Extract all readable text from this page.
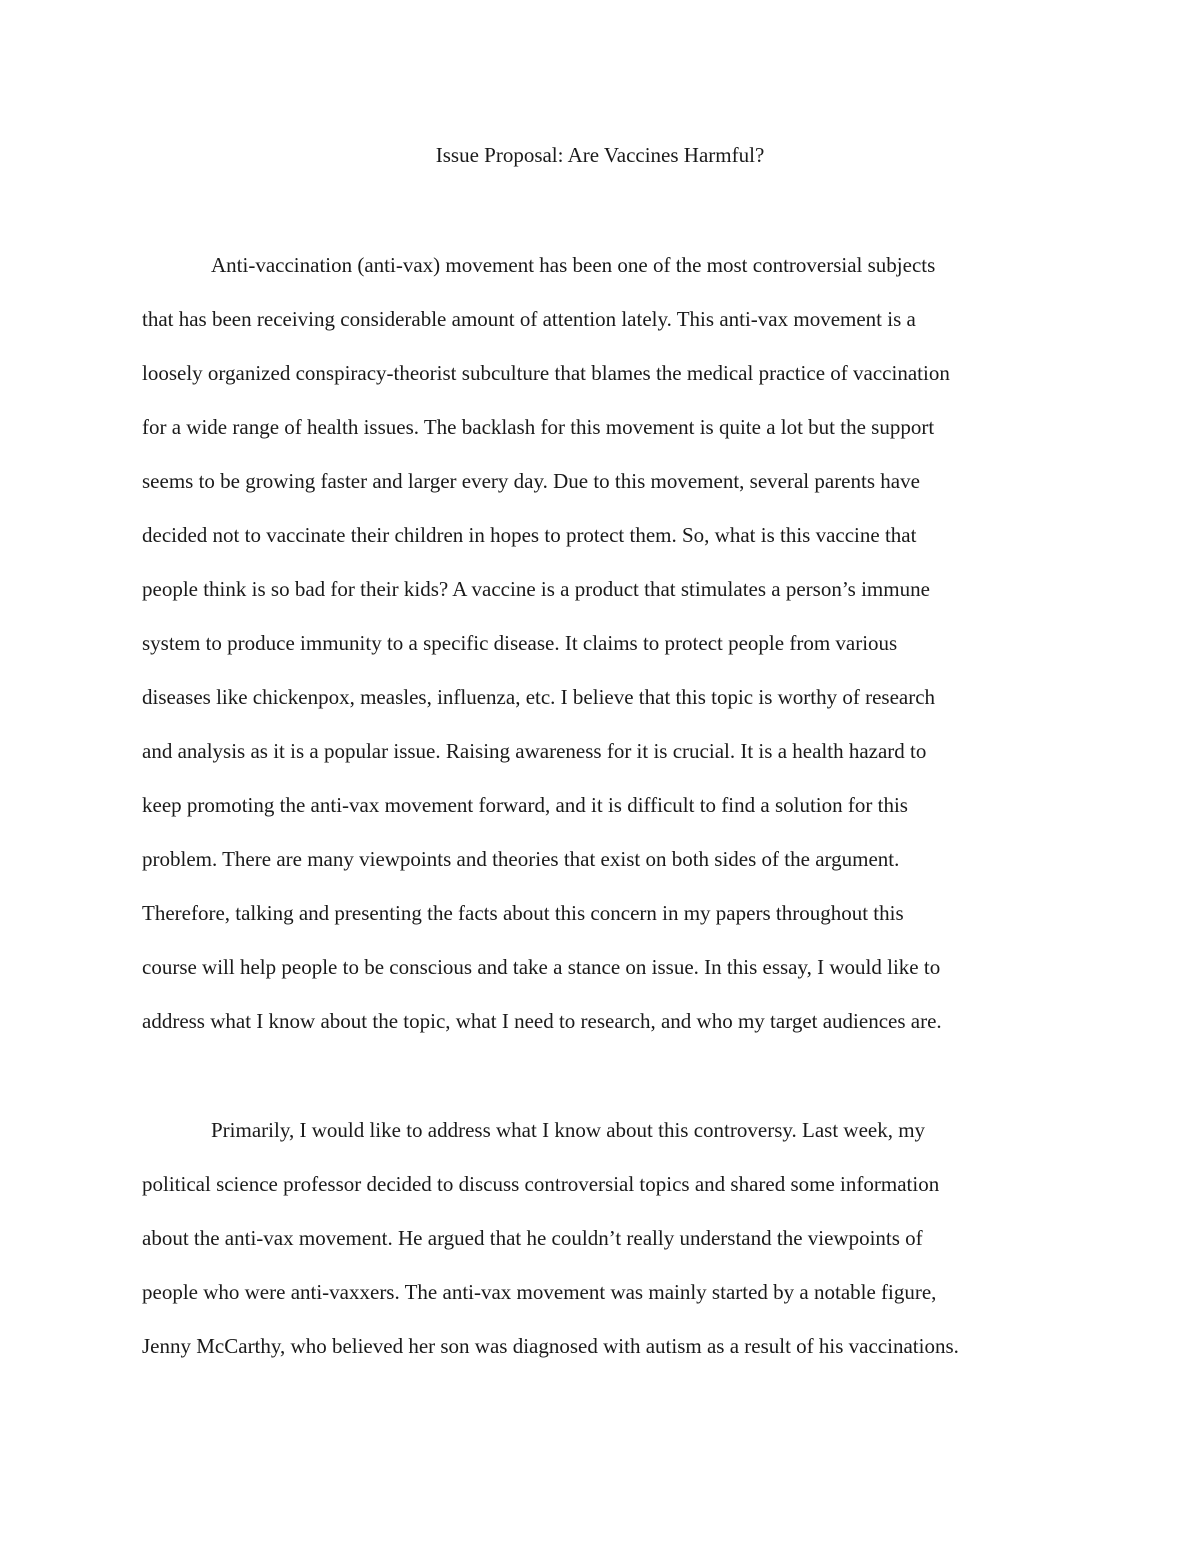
Issue Proposal: Are Vaccines Harmful?
Anti-vaccination (anti-vax) movement has been one of the most controversial subjects
that has been receiving considerable amount of attention lately. This anti-vax movement is a
loosely organized conspiracy-theorist subculture that blames the medical practice of vaccination
for a wide range of health issues. The backlash for this movement is quite a lot but the support
seems to be growing faster and larger every day. Due to this movement, several parents have
decided not to vaccinate their children in hopes to protect them. So, what is this vaccine that
people think is so bad for their kids? A vaccine is a product that stimulates a person’s immune
system to produce immunity to a specific disease. It claims to protect people from various
diseases like chickenpox, measles, influenza, etc. I believe that this topic is worthy of research
and analysis as it is a popular issue. Raising awareness for it is crucial. It is a health hazard to
keep promoting the anti-vax movement forward, and it is difficult to find a solution for this
problem. There are many viewpoints and theories that exist on both sides of the argument.
Therefore, talking and presenting the facts about this concern in my papers throughout this
course will help people to be conscious and take a stance on issue. In this essay, I would like to
address what I know about the topic, what I need to research, and who my target audiences are.
Primarily, I would like to address what I know about this controversy. Last week, my
political science professor decided to discuss controversial topics and shared some information
about the anti-vax movement. He argued that he couldn’t really understand the viewpoints of
people who were anti-vaxxers. The anti-vax movement was mainly started by a notable figure,
Jenny McCarthy, who believed her son was diagnosed with autism as a result of his vaccinations.
